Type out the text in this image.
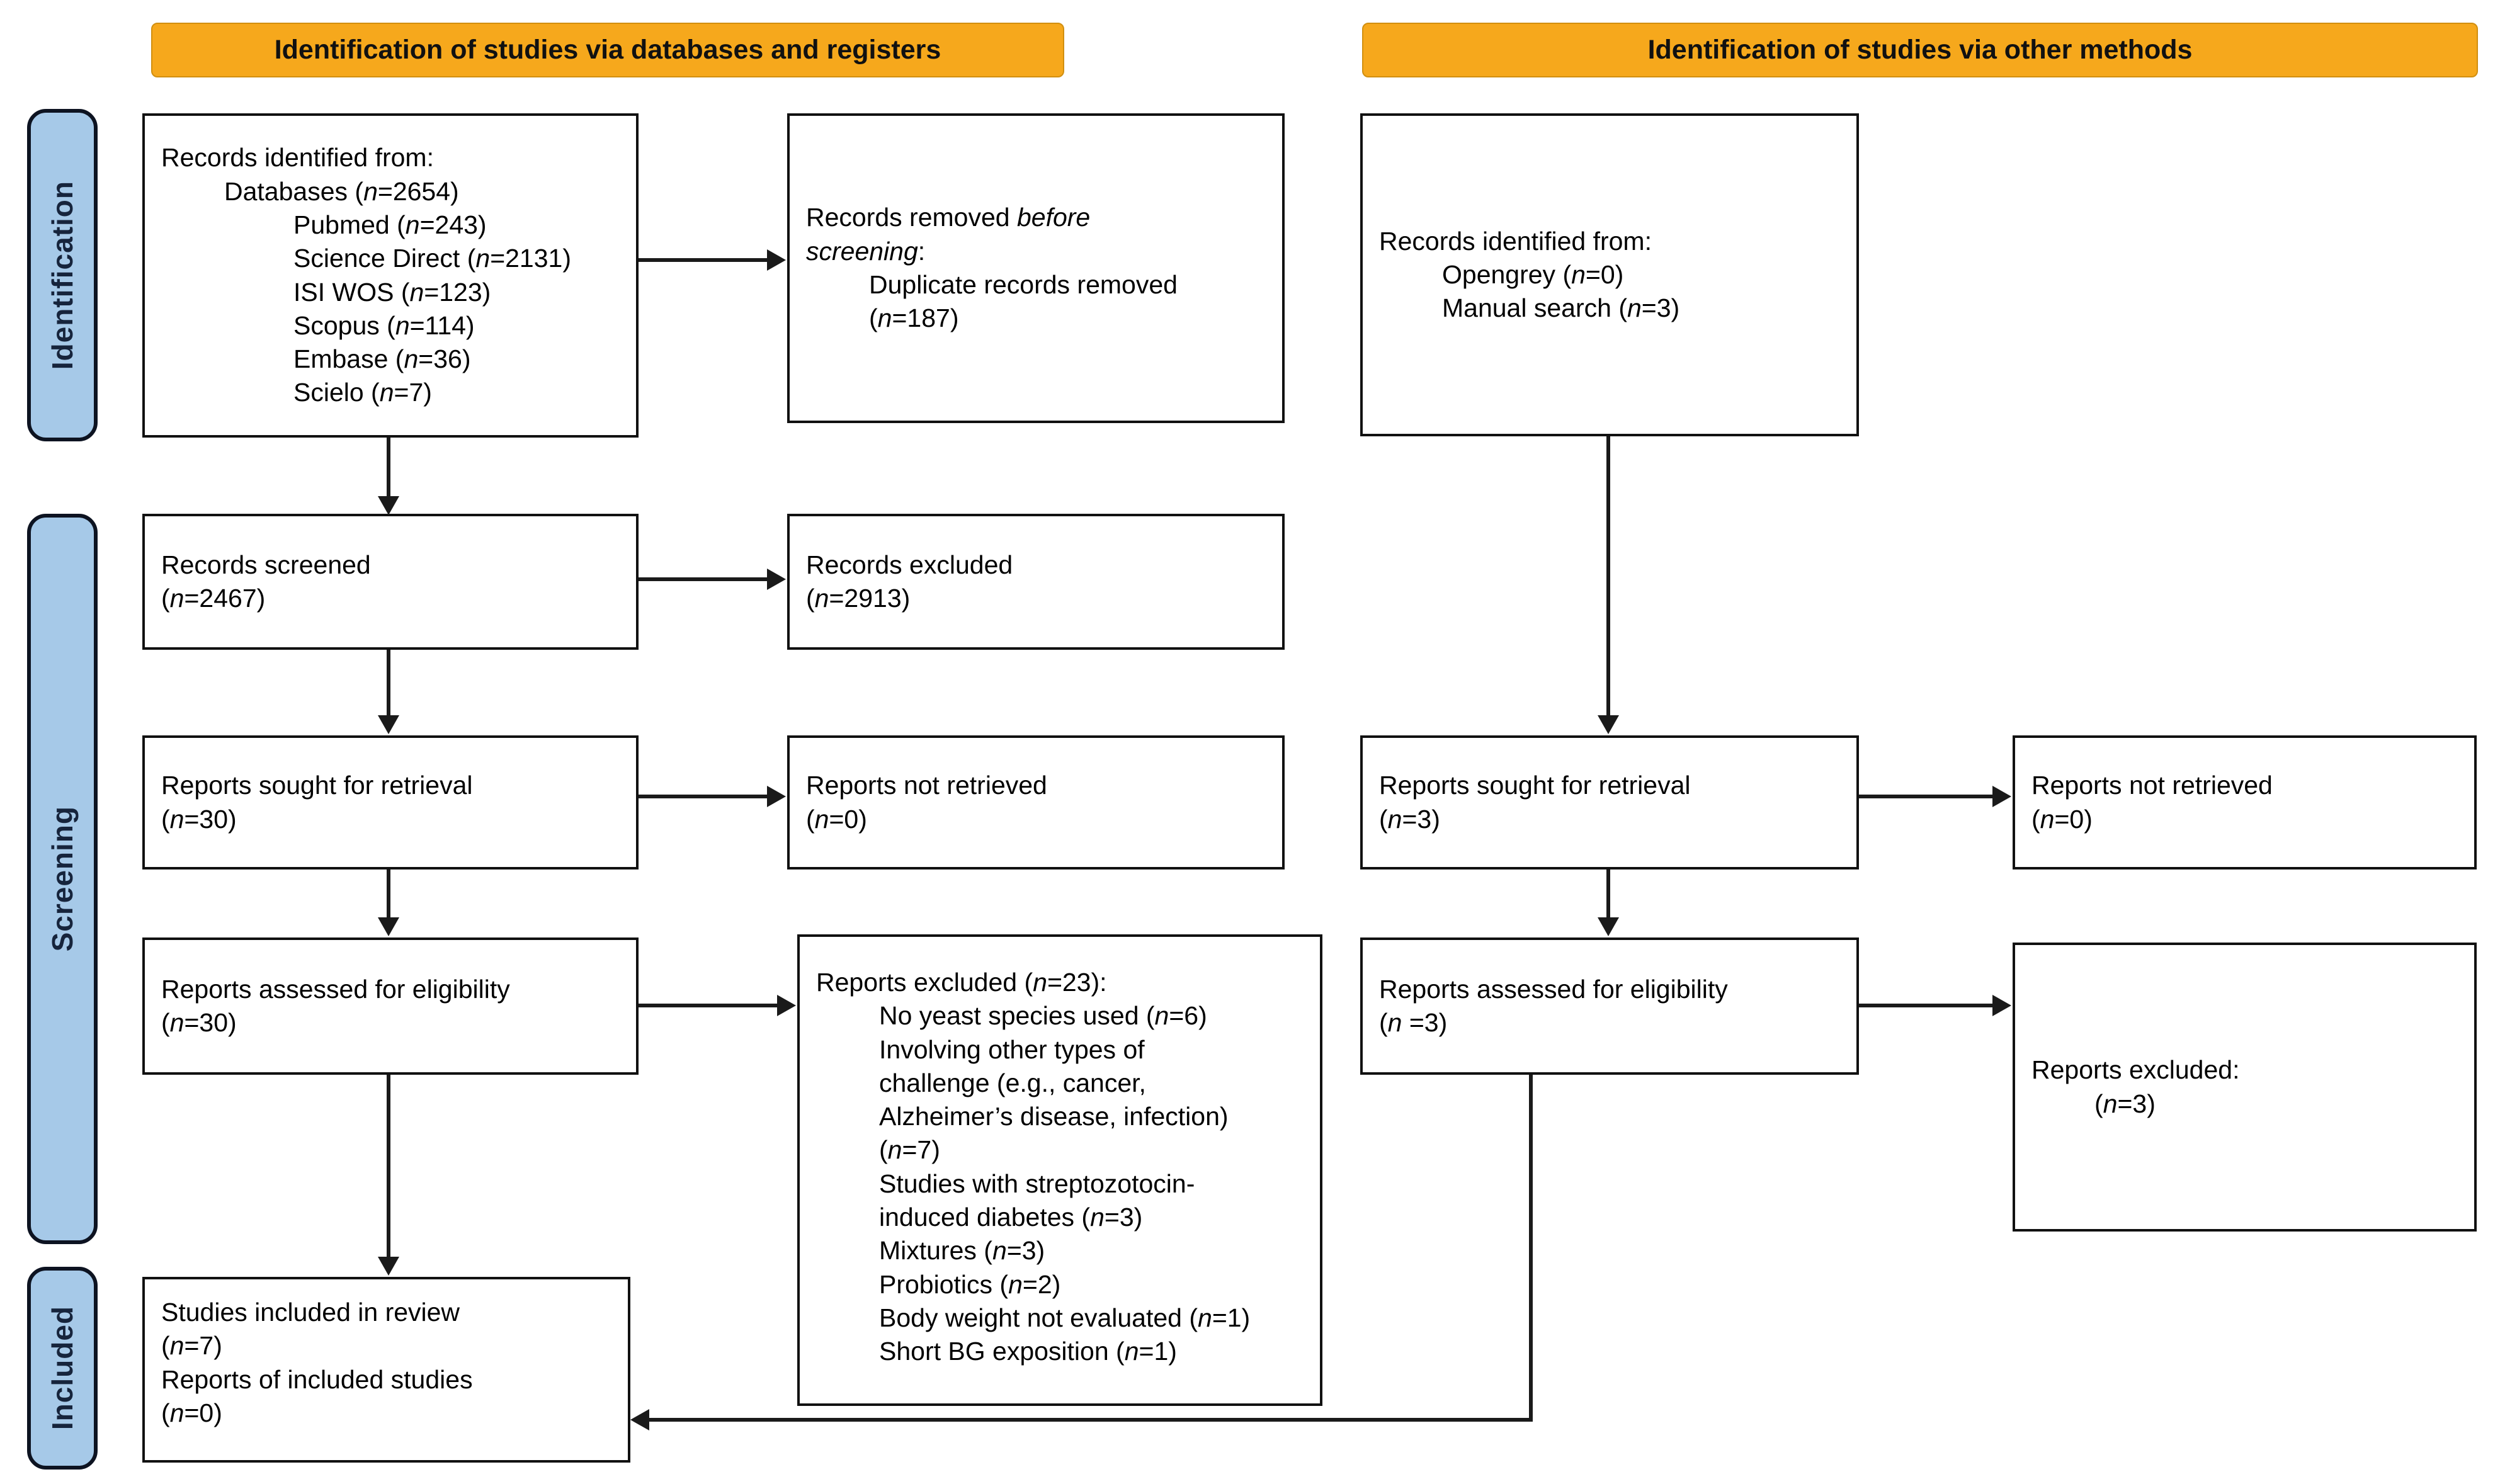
Identification of studies via databases and registers	Identification of studies via other methods
Identification
Screening
Included
Records identified from:
Databases (n=2654)
Pubmed (n=243)
Science Direct (n=2131)
ISI WOS (n=123)
Scopus (n=114)
Embase (n=36)
Scielo (n=7)
Records removed before
screening:
Duplicate records removed
(n=187)
Records identified from:
Opengrey (n=0)
Manual search (n=3)
Records screened
(n=2467)
Records excluded
(n=2913)
Reports sought for retrieval
(n=30)
Reports not retrieved
(n=0)
Reports assessed for eligibility
(n=30)
Reports excluded (n=23):
No yeast species used (n=6)
Involving other types of
challenge (e.g., cancer,
Alzheimer’s disease, infection)
(n=7)
Studies with streptozotocin-
induced diabetes (n=3)
Mixtures (n=3)
Probiotics (n=2)
Body weight not evaluated (n=1)
Short BG exposition (n=1)
Reports sought for retrieval
(n=3)
Reports not retrieved
(n=0)
Reports assessed for eligibility
(n =3)
Reports excluded:
(n=3)
Studies included in review
(n=7)
Reports of included studies
(n=0)
